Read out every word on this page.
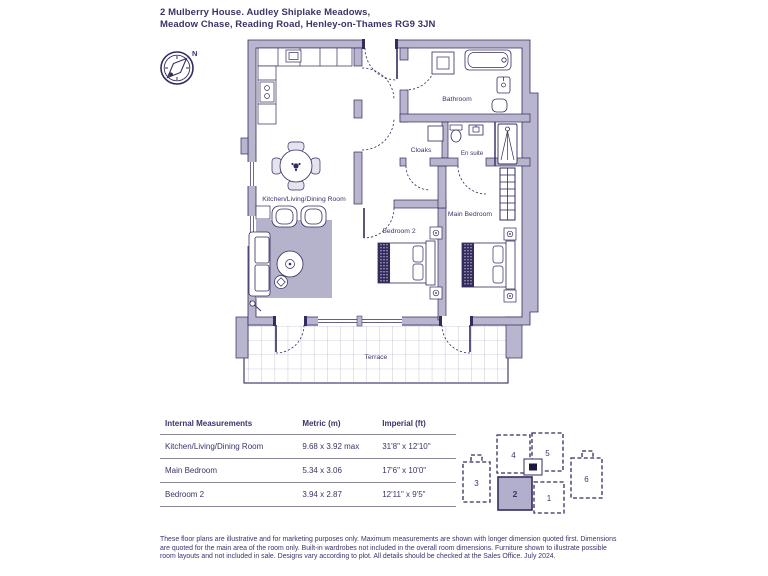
2 Mulberry House. Audley Shiplake Meadows,
Meadow Chase, Reading Road, Henley-on-Thames RG9 3JN
N
Kitchen/Living/Dining Room
Bedroom 2
Main Bedroom
Bathroom
Cloaks	En suite
Terrace
Internal Measurements	Metric (m)	Imperial (ft)
Kitchen/Living/Dining Room	9.68 x 3.92 max	31'8" x 12'10"
Main Bedroom	5.34 x 3.06	17'6" x 10'0"
Bedroom 2	3.94 x 2.87	12'11" x 9'5"
3
4	5
6
1
2
These floor plans are illustrative and for marketing purposes only. Maximum measurements are shown with longer dimension quoted first. Dimensions are quoted for the main area of the room only. Built-in wardrobes not included in the overall room dimensions. Furniture shown to illustrate possible room layouts and not included in sale. Designs vary according to plot. All details should be checked at the Sales Office. July 2024.
